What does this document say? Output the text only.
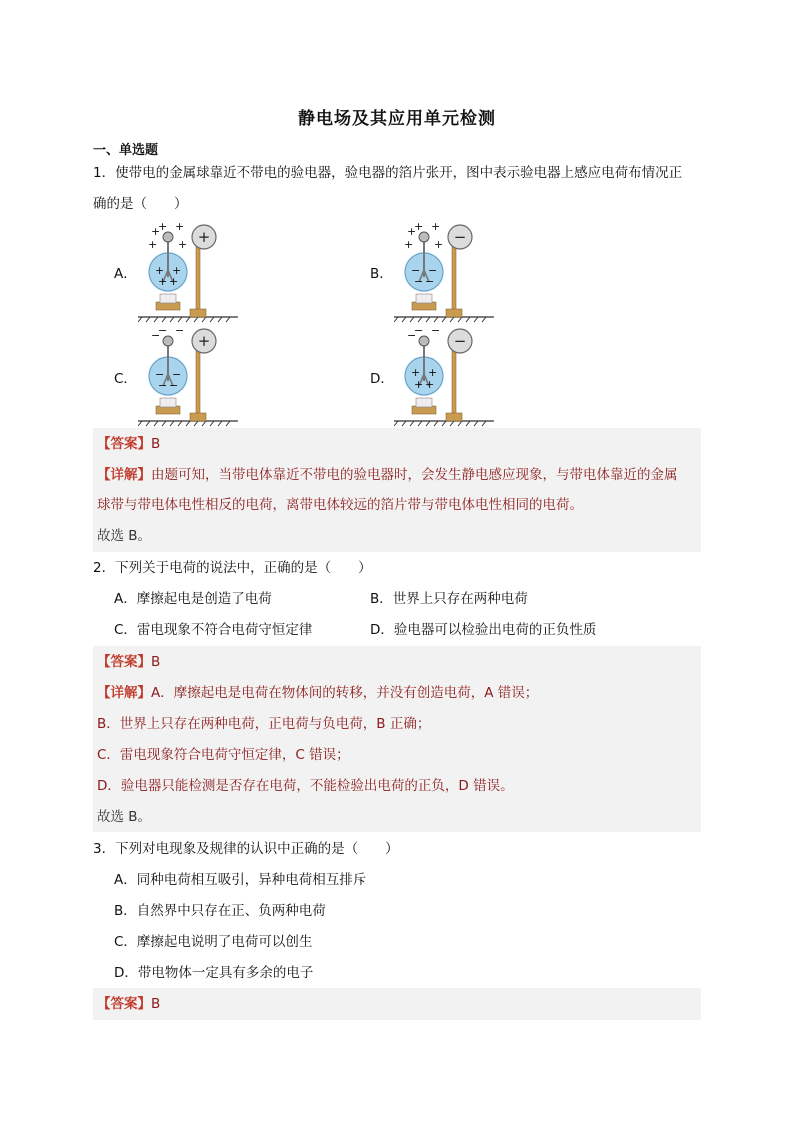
静电场及其应用单元检测
一、单选题
1．使带电的金属球靠近不带电的验电器，验电器的箔片张开，图中表示验电器上感应电荷布情况正
确的是（　　）
A．	B．
C．	D．
+
+
+ +
+ +
+ +
+ +
−
+
+ +
+ +
− −
− −
+
−
− −
− −
− −
−
−
− −
+ +
+ +
【答案】B
【详解】由题可知，当带电体靠近不带电的验电器时，会发生静电感应现象，与带电体靠近的金属
球带与带电体电性相反的电荷，离带电体较远的箔片带与带电体电性相同的电荷。
故选 B。
2．下列关于电荷的说法中，正确的是（　　）
A．摩擦起电是创造了电荷	B．世界上只存在两种电荷
C．雷电现象不符合电荷守恒定律	D．验电器可以检验出电荷的正负性质
【答案】B
【详解】A．摩擦起电是电荷在物体间的转移，并没有创造电荷，A 错误；
B．世界上只存在两种电荷，正电荷与负电荷，B 正确；
C．雷电现象符合电荷守恒定律，C 错误；
D．验电器只能检测是否存在电荷，不能检验出电荷的正负，D 错误。
故选 B。
3．下列对电现象及规律的认识中正确的是（　　）
A．同种电荷相互吸引，异种电荷相互排斥
B．自然界中只存在正、负两种电荷
C．摩擦起电说明了电荷可以创生
D．带电物体一定具有多余的电子
【答案】B
